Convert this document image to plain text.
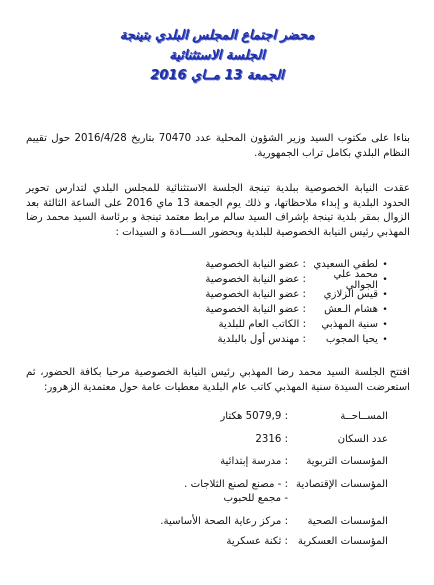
محضر اجتماع المجلس البلدي بتينجة
الجلسة الاستثنائية
الجمعة 13 مــاي 2016
بناءا على مكتوب السيد وزير الشؤون المحلية عدد 70470 بتاريخ 2016/4/28 حول تقييم النظام البلدي بكامل تراب الجمهورية.
عقدت النيابة الخصوصية ببلدية تينجة الجلسة الاستثنائية للمجلس البلدي لتدارس تحوير الحدود البلدية و إبداء ملاحظاتها، و ذلك يوم الجمعة 13 ماي 2016 على الساعة الثالثة بعد الزوال بمقر بلدية تينجة بإشراف السيد سالم مرابط معتمد تينجة و برئاسة السيد محمد رضا المهذبي رئيس النيابة الخصوصية للبلدية وبحضور الســـادة و السيدات :
•
لطفي السعيدي
: عضو النيابة الخصوصية
•
محمد علي الجوالي
: عضو النيابة الخصوصية
•
قيس الزلازي
: عضو النيابة الخصوصية
•
هشام الـعش
: عضو النيابة الخصوصية
•
سنية المهذبي
: الكاتب العام للبلدية
•
يحيا المجوب
: مهندس أول بالبلدية
افتتح الجلسة السيد محمد رضا المهذبي رئيس النيابة الخصوصية مرحبا بكافة الحضور، ثم استعرضت السيدة سنية المهذبي كاتب عام البلدية معطيات عامة حول معتمدية الزهرور:
المســاحــة
: 5079,9 هكتار
عدد السكان
: 2316
المؤسسات التربوية
: مدرسة إبتدائية
المؤسسات الإقتصادية
: - مصنع لصنع الثلاجات .
- مجمع للحبوب
المؤسسات الصحية
: مركز رعاية الصحة الأساسية.
المؤسسات العسكرية
: ثكنة عسكرية
